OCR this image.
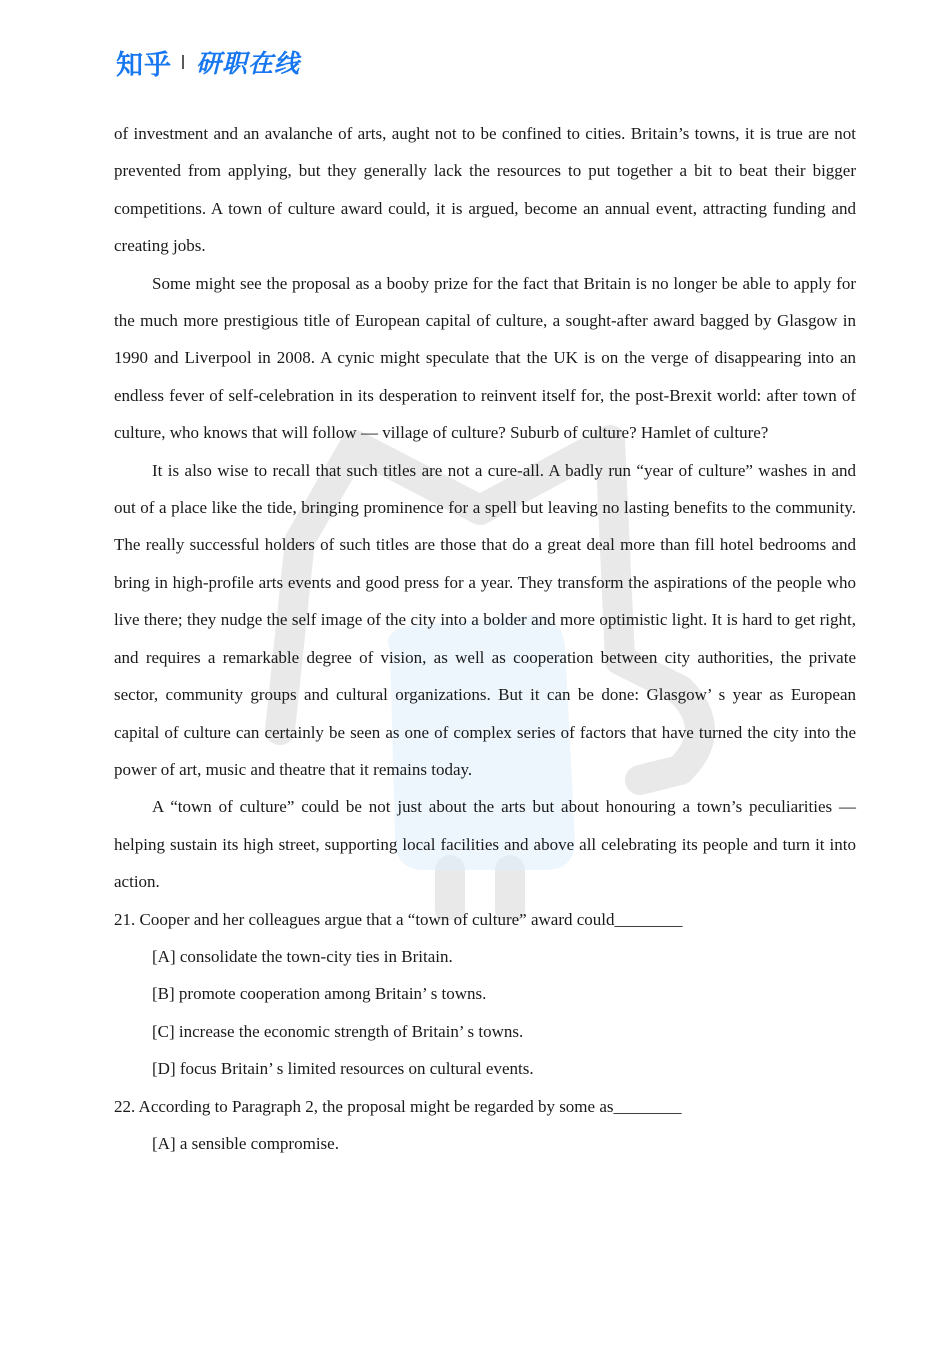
知乎 研职在线

of investment and an avalanche of arts, aught not to be confined to cities. Britain’s towns, it is true are not prevented from applying, but they generally lack the resources to put together a bit to beat their bigger competitions. A town of culture award could, it is argued, become an annual event, attracting funding and creating jobs.

Some might see the proposal as a booby prize for the fact that Britain is no longer be able to apply for the much more prestigious title of European capital of culture, a sought-after award bagged by Glasgow in 1990 and Liverpool in 2008. A cynic might speculate that the UK is on the verge of disappearing into an endless fever of self-celebration in its desperation to reinvent itself for, the post-Brexit world: after town of culture, who knows that will follow — village of culture? Suburb of culture? Hamlet of culture?

It is also wise to recall that such titles are not a cure-all. A badly run “year of culture” washes in and out of a place like the tide, bringing prominence for a spell but leaving no lasting benefits to the community. The really successful holders of such titles are those that do a great deal more than fill hotel bedrooms and bring in high-profile arts events and good press for a year. They transform the aspirations of the people who live there; they nudge the self image of the city into a bolder and more optimistic light. It is hard to get right, and requires a remarkable degree of vision, as well as cooperation between city authorities, the private sector, community groups and cultural organizations. But it can be done: Glasgow’ s year as European capital of culture can certainly be seen as one of complex series of factors that have turned the city into the power of art, music and theatre that it remains today.

A “town of culture” could be not just about the arts but about honouring a town’s peculiarities — helping sustain its high street, supporting local facilities and above all celebrating its people and turn it into action.

21. Cooper and her colleagues argue that a “town of culture” award could________

[A] consolidate the town-city ties in Britain.

[B] promote cooperation among Britain’ s towns.

[C] increase the economic strength of Britain’ s towns.

[D] focus Britain’ s limited resources on cultural events.

22. According to Paragraph 2, the proposal might be regarded by some as________

[A] a sensible compromise.
